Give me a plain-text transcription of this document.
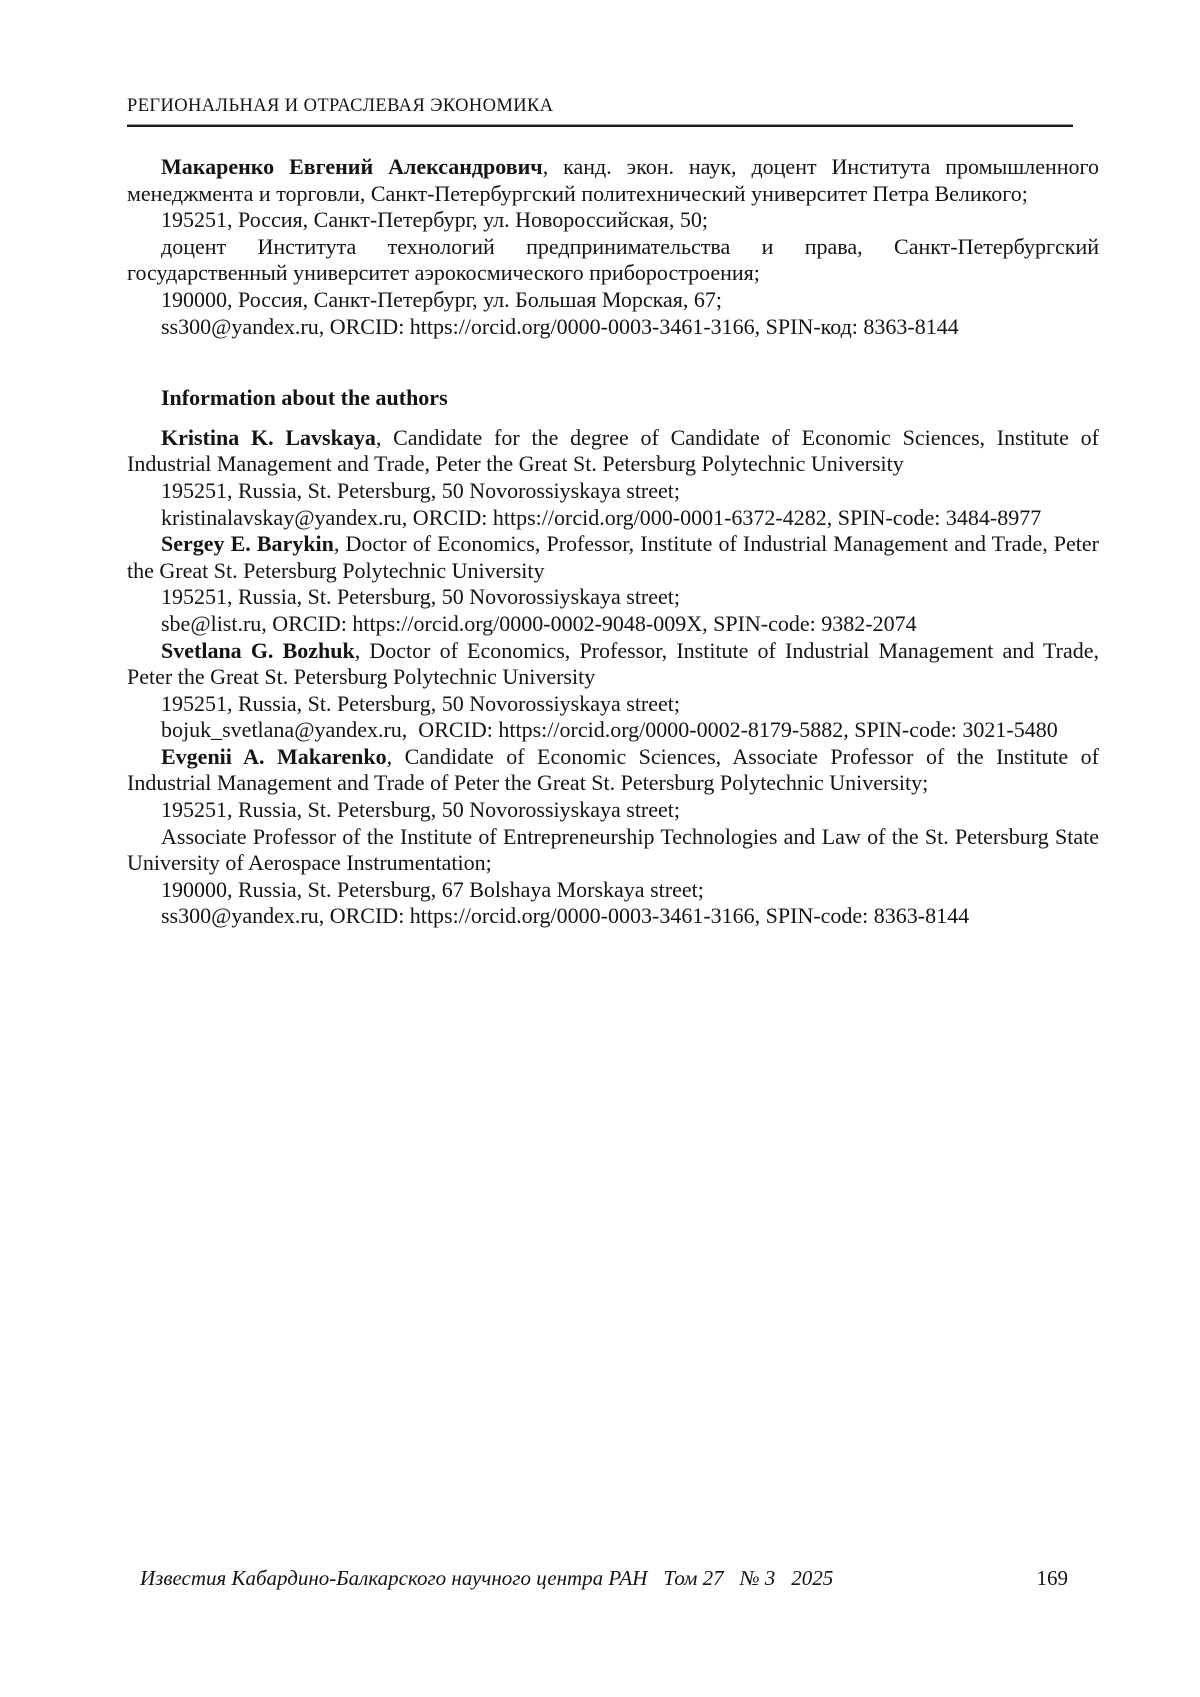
РЕГИОНАЛЬНАЯ И ОТРАСЛЕВАЯ ЭКОНОМИКА

Макаренко Евгений Александрович, канд. экон. наук, доцент Института промышленного менеджмента и торговли, Санкт-Петербургский политехнический университет Петра Великого;

195251, Россия, Санкт-Петербург, ул. Новороссийская, 50;

доцент Института технологий предпринимательства и права, Санкт-Петербургский государственный университет аэрокосмического приборостроения;

190000, Россия, Санкт-Петербург, ул. Большая Морская, 67;

ss300@yandex.ru, ORCID: https://orcid.org/0000-0003-3461-3166, SPIN-код: 8363-8144

Information about the authors

Kristina K. Lavskaya, Candidate for the degree of Candidate of Economic Sciences, Institute of Industrial Management and Trade, Peter the Great St. Petersburg Polytechnic University

195251, Russia, St. Petersburg, 50 Novorossiyskaya street;

kristinalavskay@yandex.ru, ORCID: https://orcid.org/000-0001-6372-4282, SPIN-code: 3484-8977

Sergey E. Barykin, Doctor of Economics, Professor, Institute of Industrial Management and Trade, Peter the Great St. Petersburg Polytechnic University

195251, Russia, St. Petersburg, 50 Novorossiyskaya street;

sbe@list.ru, ORCID: https://orcid.org/0000-0002-9048-009X, SPIN-code: 9382-2074

Svetlana G. Bozhuk, Doctor of Economics, Professor, Institute of Industrial Management and Trade, Peter the Great St. Petersburg Polytechnic University

195251, Russia, St. Petersburg, 50 Novorossiyskaya street;

bojuk_svetlana@yandex.ru,  ORCID: https://orcid.org/0000-0002-8179-5882, SPIN-code: 3021-5480

Evgenii A. Makarenko, Candidate of Economic Sciences, Associate Professor of the Institute of Industrial Management and Trade of Peter the Great St. Petersburg Polytechnic University;

195251, Russia, St. Petersburg, 50 Novorossiyskaya street;

Associate Professor of the Institute of Entrepreneurship Technologies and Law of the St. Petersburg State University of Aerospace Instrumentation;

190000, Russia, St. Petersburg, 67 Bolshaya Morskaya street;

ss300@yandex.ru, ORCID: https://orcid.org/0000-0003-3461-3166, SPIN-code: 8363-8144

Известия Кабардино-Балкарского научного центра РАН Том 27 № 3 2025	169
